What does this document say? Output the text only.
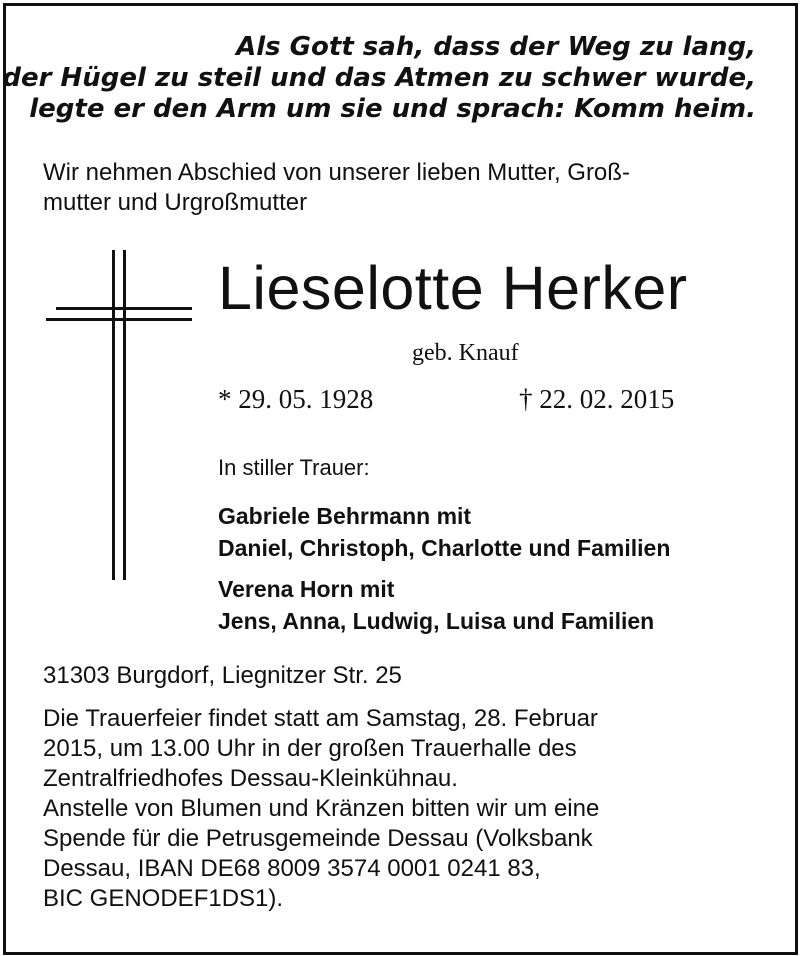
Als Gott sah, dass der Weg zu lang,
der Hügel zu steil und das Atmen zu schwer wurde,
legte er den Arm um sie und sprach: Komm heim.
Wir nehmen Abschied von unserer lieben Mutter, Groß-
mutter und Urgroßmutter
Lieselotte Herker
geb. Knauf
* 29. 05. 1928	† 22. 02. 2015
In stiller Trauer:
Gabriele Behrmann mit
Daniel, Christoph, Charlotte und Familien
Verena Horn mit
Jens, Anna, Ludwig, Luisa und Familien
31303 Burgdorf, Liegnitzer Str. 25
Die Trauerfeier findet statt am Samstag, 28. Februar
2015, um 13.00 Uhr in der großen Trauerhalle des
Zentralfriedhofes Dessau-Kleinkühnau.
Anstelle von Blumen und Kränzen bitten wir um eine
Spende für die Petrusgemeinde Dessau (Volksbank
Dessau, IBAN DE68 8009 3574 0001 0241 83,
BIC GENODEF1DS1).
